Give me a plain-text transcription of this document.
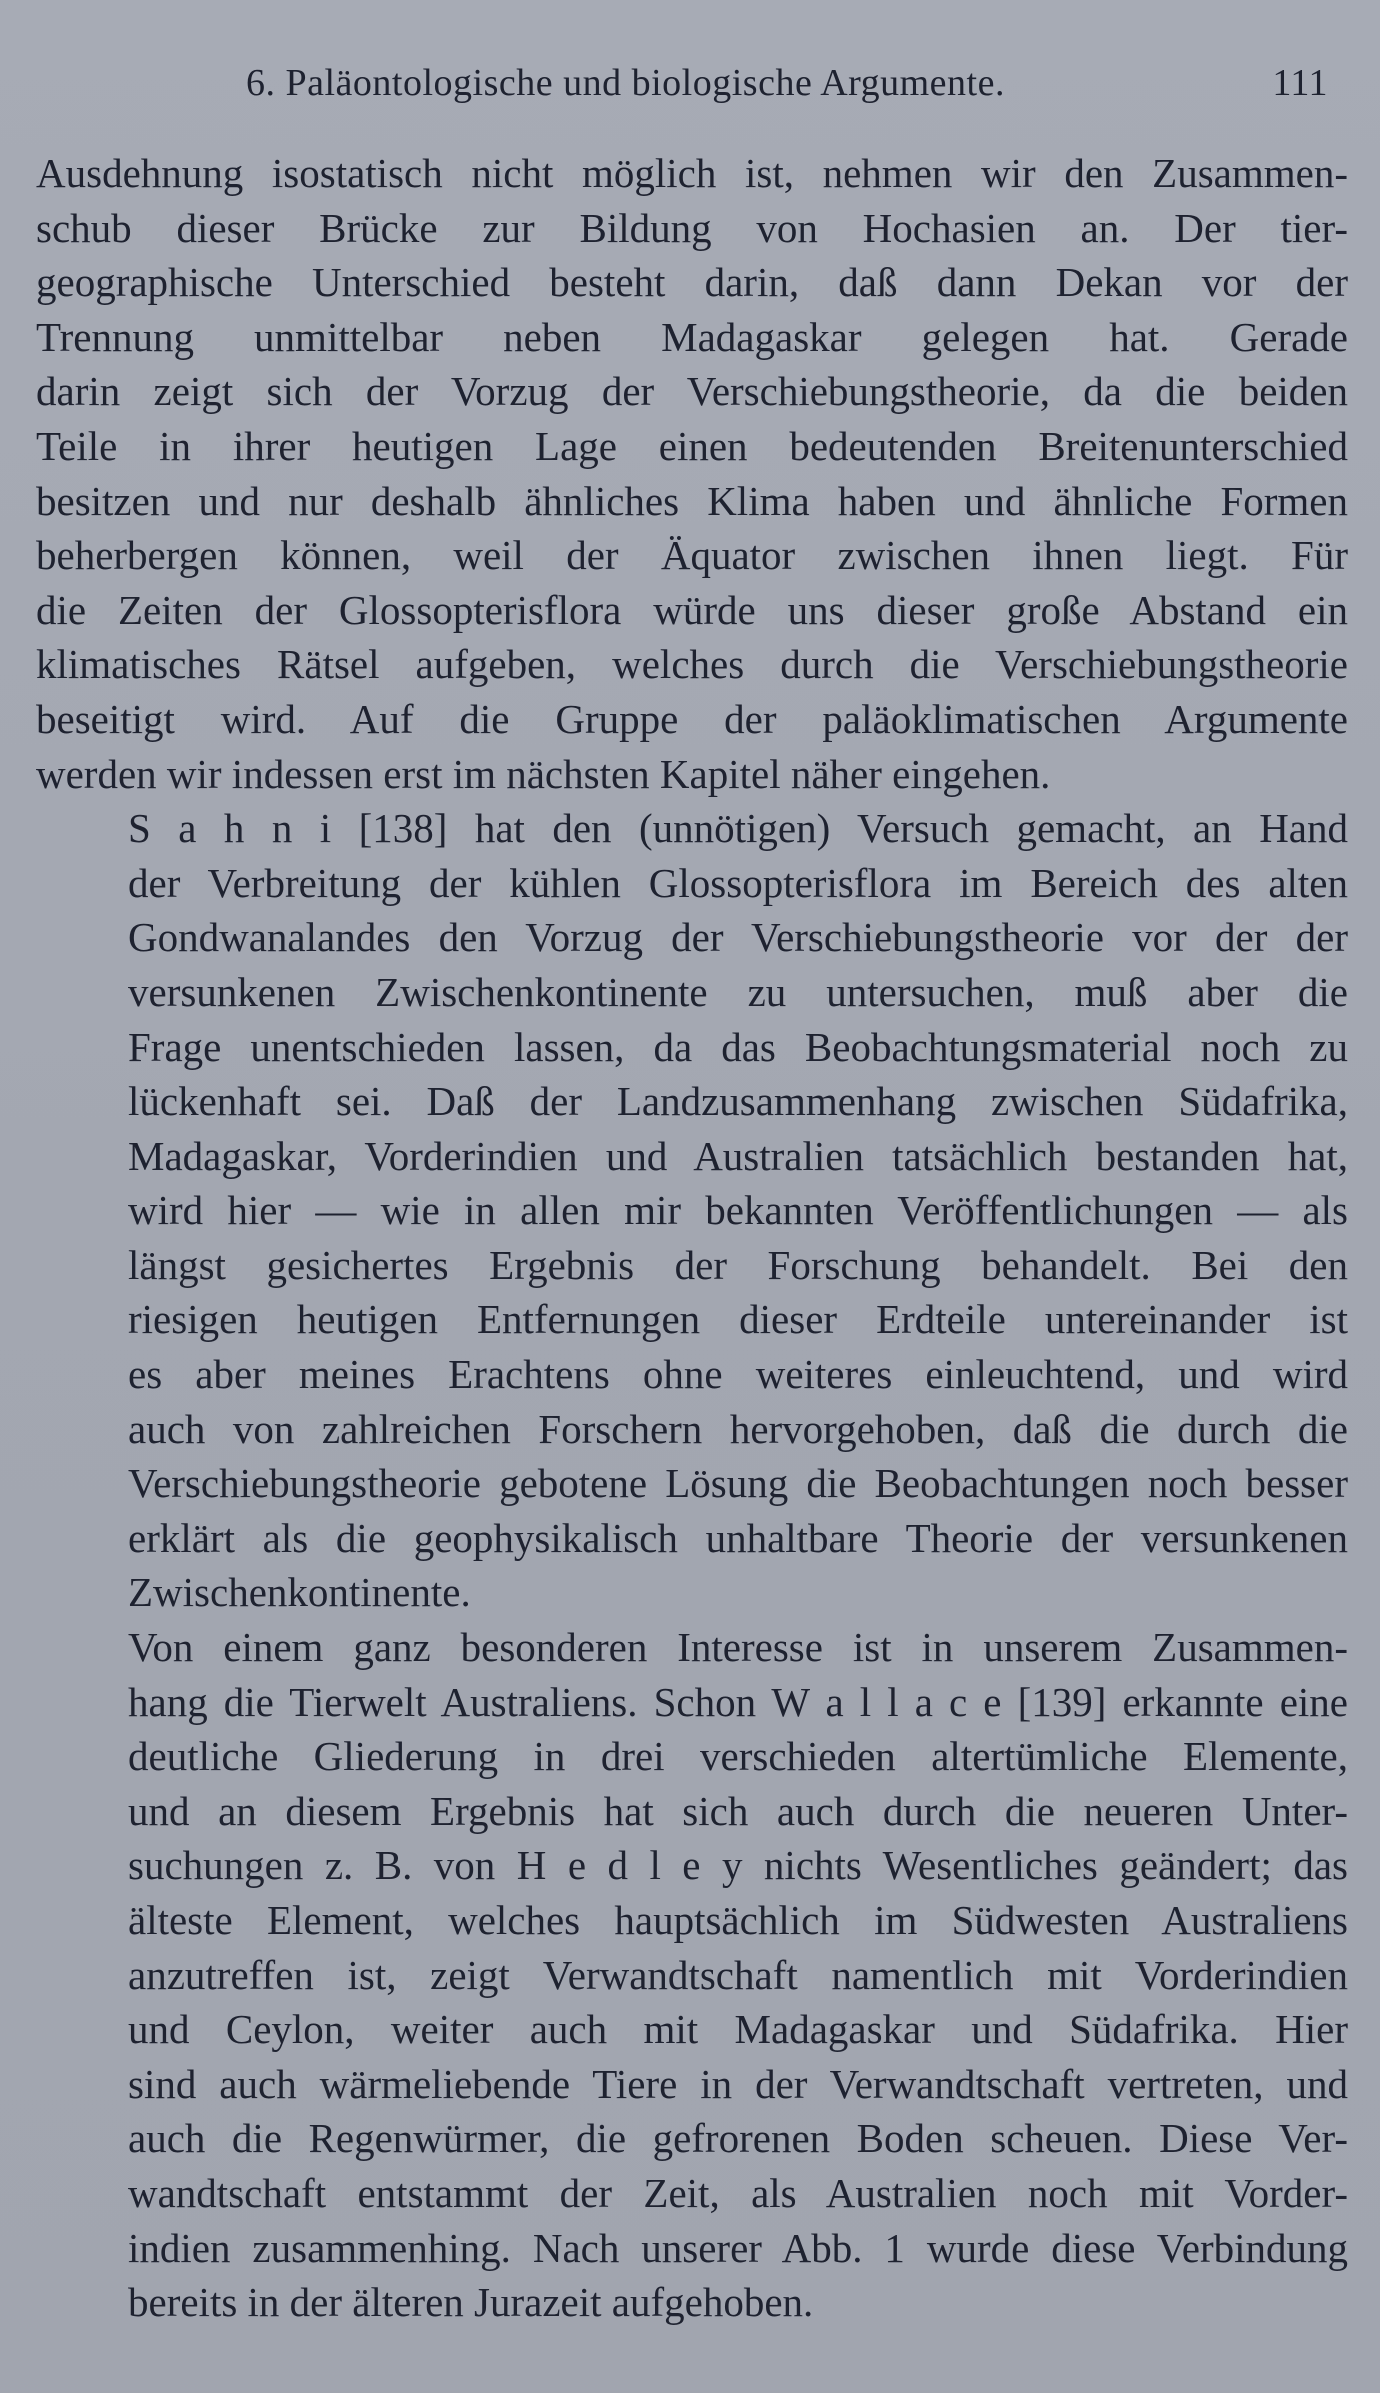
6. Paläontologische und biologische Argumente.	111

Ausdehnung isostatisch nicht möglich ist, nehmen wir den Zusammen-
schub dieser Brücke zur Bildung von Hochasien an. Der tier-
geographische Unterschied besteht darin, daß dann Dekan vor der
Trennung unmittelbar neben Madagaskar gelegen hat. Gerade
darin zeigt sich der Vorzug der Verschiebungstheorie, da die beiden
Teile in ihrer heutigen Lage einen bedeutenden Breitenunterschied
besitzen und nur deshalb ähnliches Klima haben und ähnliche Formen
beherbergen können, weil der Äquator zwischen ihnen liegt. Für
die Zeiten der Glossopterisflora würde uns dieser große Abstand ein
klimatisches Rätsel aufgeben, welches durch die Verschiebungstheorie
beseitigt wird. Auf die Gruppe der paläoklimatischen Argumente
werden wir indessen erst im nächsten Kapitel näher eingehen.

S a h n i [138] hat den (unnötigen) Versuch gemacht, an Hand
der Verbreitung der kühlen Glossopterisflora im Bereich des alten
Gondwanalandes den Vorzug der Verschiebungstheorie vor der der
versunkenen Zwischenkontinente zu untersuchen, muß aber die
Frage unentschieden lassen, da das Beobachtungsmaterial noch zu
lückenhaft sei. Daß der Landzusammenhang zwischen Südafrika,
Madagaskar, Vorderindien und Australien tatsächlich bestanden hat,
wird hier — wie in allen mir bekannten Veröffentlichungen — als
längst gesichertes Ergebnis der Forschung behandelt. Bei den
riesigen heutigen Entfernungen dieser Erdteile untereinander ist
es aber meines Erachtens ohne weiteres einleuchtend, und wird
auch von zahlreichen Forschern hervorgehoben, daß die durch die
Verschiebungstheorie gebotene Lösung die Beobachtungen noch besser
erklärt als die geophysikalisch unhaltbare Theorie der versunkenen
Zwischenkontinente.

Von einem ganz besonderen Interesse ist in unserem Zusammen-
hang die Tierwelt Australiens. Schon W a l l a c e [139] erkannte eine
deutliche Gliederung in drei verschieden altertümliche Elemente,
und an diesem Ergebnis hat sich auch durch die neueren Unter-
suchungen z. B. von H e d l e y nichts Wesentliches geändert; das
älteste Element, welches hauptsächlich im Südwesten Australiens
anzutreffen ist, zeigt Verwandtschaft namentlich mit Vorderindien
und Ceylon, weiter auch mit Madagaskar und Südafrika. Hier
sind auch wärmeliebende Tiere in der Verwandtschaft vertreten, und
auch die Regenwürmer, die gefrorenen Boden scheuen. Diese Ver-
wandtschaft entstammt der Zeit, als Australien noch mit Vorder-
indien zusammenhing. Nach unserer Abb. 1 wurde diese Verbindung
bereits in der älteren Jurazeit aufgehoben.
